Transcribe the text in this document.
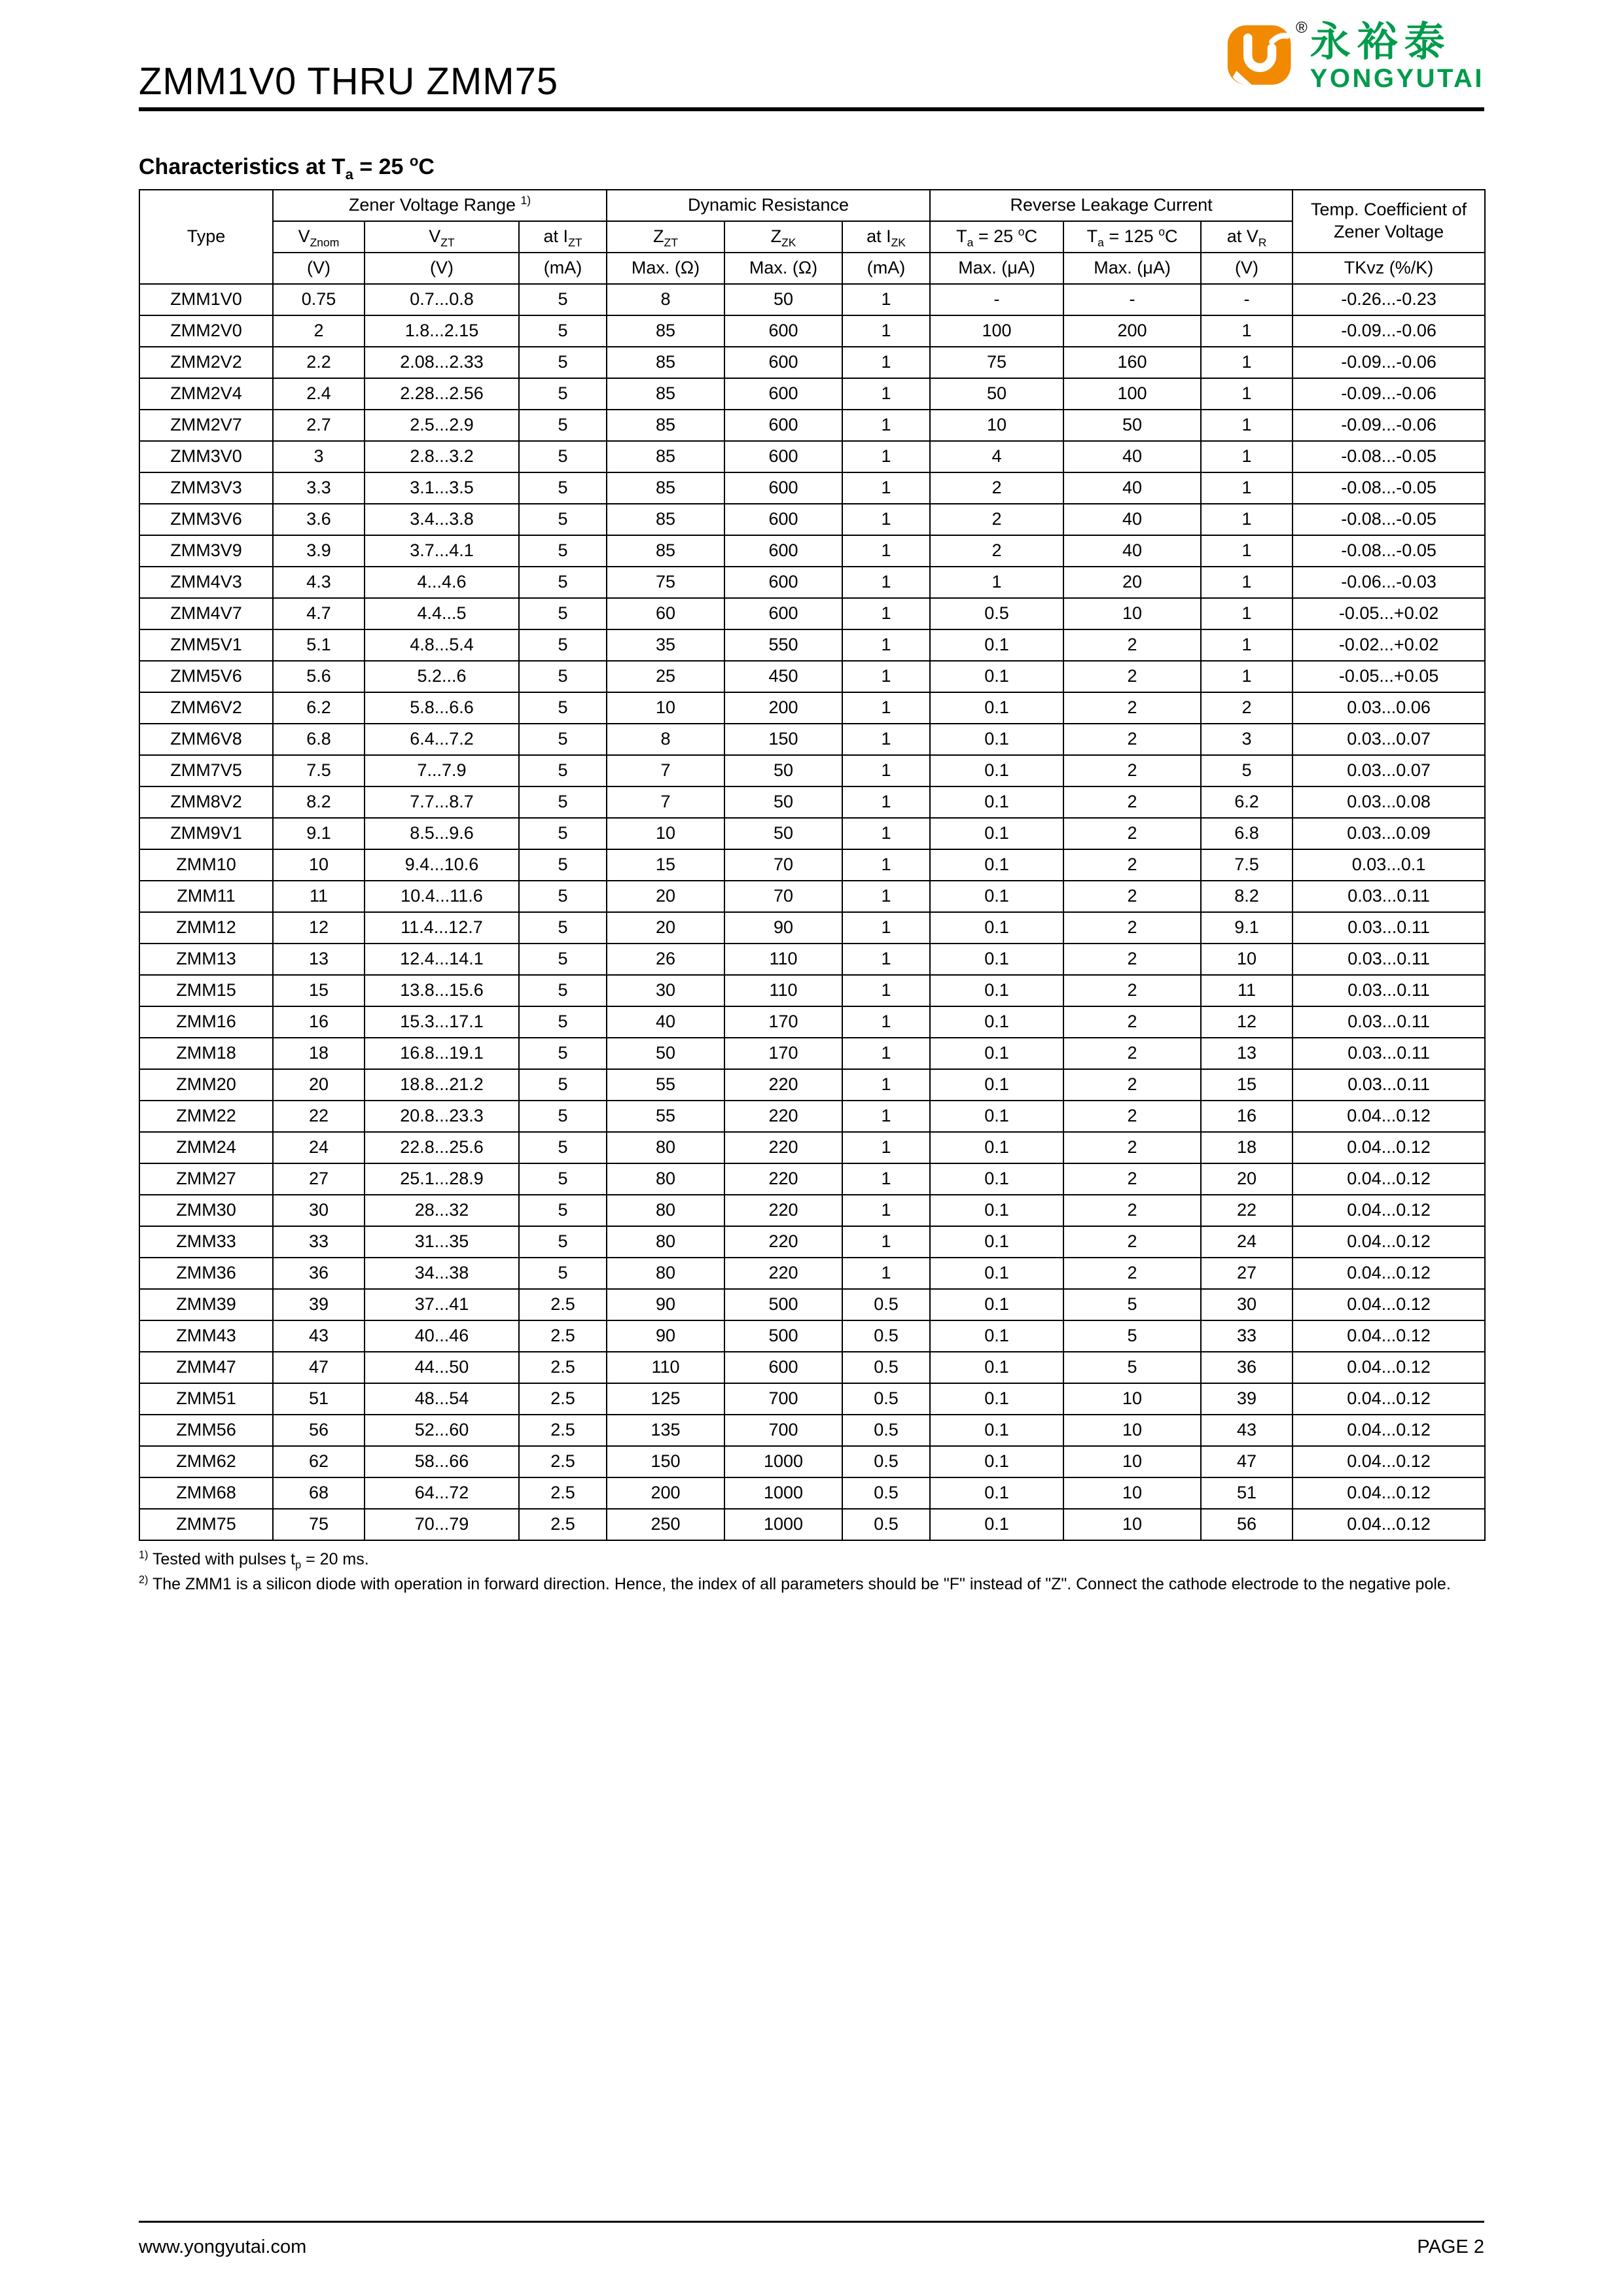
ZMM1V0 THRU ZMM75
® 永裕泰
YONGYUTAI
Characteristics at $T_a = 25$ $^o$C
Type	Zener Voltage Range $^{1)}$			Dynamic Resistance			Reverse Leakage Current			Temp. Coefficient of Zener Voltage
	$V_{Znom}$	$V_{ZT}$	at $I_{ZT}$	$Z_{ZT}$	$Z_{ZK}$	at $I_{ZK}$	$T_a = 25$ $^o$C	$T_a = 125$ $^o$C	at $V_R$
	(V)	(V)	(mA)	Max. (Ω)	Max. (Ω)	(mA)	Max. (μA)	Max. (μA)	(V)	TKvz (%/K)
ZMM1V0	0.75	0.7...0.8	5	8	50	1	-	-	-	-0.26...-0.23
ZMM2V0	2	1.8...2.15	5	85	600	1	100	200	1	-0.09...-0.06
ZMM2V2	2.2	2.08...2.33	5	85	600	1	75	160	1	-0.09...-0.06
ZMM2V4	2.4	2.28...2.56	5	85	600	1	50	100	1	-0.09...-0.06
ZMM2V7	2.7	2.5...2.9	5	85	600	1	10	50	1	-0.09...-0.06
ZMM3V0	3	2.8...3.2	5	85	600	1	4	40	1	-0.08...-0.05
ZMM3V3	3.3	3.1...3.5	5	85	600	1	2	40	1	-0.08...-0.05
ZMM3V6	3.6	3.4...3.8	5	85	600	1	2	40	1	-0.08...-0.05
ZMM3V9	3.9	3.7...4.1	5	85	600	1	2	40	1	-0.08...-0.05
ZMM4V3	4.3	4...4.6	5	75	600	1	1	20	1	-0.06...-0.03
ZMM4V7	4.7	4.4...5	5	60	600	1	0.5	10	1	-0.05...+0.02
ZMM5V1	5.1	4.8...5.4	5	35	550	1	0.1	2	1	-0.02...+0.02
ZMM5V6	5.6	5.2...6	5	25	450	1	0.1	2	1	-0.05...+0.05
ZMM6V2	6.2	5.8...6.6	5	10	200	1	0.1	2	2	0.03...0.06
ZMM6V8	6.8	6.4...7.2	5	8	150	1	0.1	2	3	0.03...0.07
ZMM7V5	7.5	7...7.9	5	7	50	1	0.1	2	5	0.03...0.07
ZMM8V2	8.2	7.7...8.7	5	7	50	1	0.1	2	6.2	0.03...0.08
ZMM9V1	9.1	8.5...9.6	5	10	50	1	0.1	2	6.8	0.03...0.09
ZMM10	10	9.4...10.6	5	15	70	1	0.1	2	7.5	0.03...0.1
ZMM11	11	10.4...11.6	5	20	70	1	0.1	2	8.2	0.03...0.11
ZMM12	12	11.4...12.7	5	20	90	1	0.1	2	9.1	0.03...0.11
ZMM13	13	12.4...14.1	5	26	110	1	0.1	2	10	0.03...0.11
ZMM15	15	13.8...15.6	5	30	110	1	0.1	2	11	0.03...0.11
ZMM16	16	15.3...17.1	5	40	170	1	0.1	2	12	0.03...0.11
ZMM18	18	16.8...19.1	5	50	170	1	0.1	2	13	0.03...0.11
ZMM20	20	18.8...21.2	5	55	220	1	0.1	2	15	0.03...0.11
ZMM22	22	20.8...23.3	5	55	220	1	0.1	2	16	0.04...0.12
ZMM24	24	22.8...25.6	5	80	220	1	0.1	2	18	0.04...0.12
ZMM27	27	25.1...28.9	5	80	220	1	0.1	2	20	0.04...0.12
ZMM30	30	28...32	5	80	220	1	0.1	2	22	0.04...0.12
ZMM33	33	31...35	5	80	220	1	0.1	2	24	0.04...0.12
ZMM36	36	34...38	5	80	220	1	0.1	2	27	0.04...0.12
ZMM39	39	37...41	2.5	90	500	0.5	0.1	5	30	0.04...0.12
ZMM43	43	40...46	2.5	90	500	0.5	0.1	5	33	0.04...0.12
ZMM47	47	44...50	2.5	110	600	0.5	0.1	5	36	0.04...0.12
ZMM51	51	48...54	2.5	125	700	0.5	0.1	10	39	0.04...0.12
ZMM56	56	52...60	2.5	135	700	0.5	0.1	10	43	0.04...0.12
ZMM62	62	58...66	2.5	150	1000	0.5	0.1	10	47	0.04...0.12
ZMM68	68	64...72	2.5	200	1000	0.5	0.1	10	51	0.04...0.12
ZMM75	75	70...79	2.5	250	1000	0.5	0.1	10	56	0.04...0.12
$^{1)}$ Tested with pulses $t_p = 20$ ms.
$^{2)}$ The ZMM1 is a silicon diode with operation in forward direction. Hence, the index of all parameters should be "F" instead of "Z". Connect the cathode electrode to the negative pole.
www.yongyutai.com	PAGE 2
